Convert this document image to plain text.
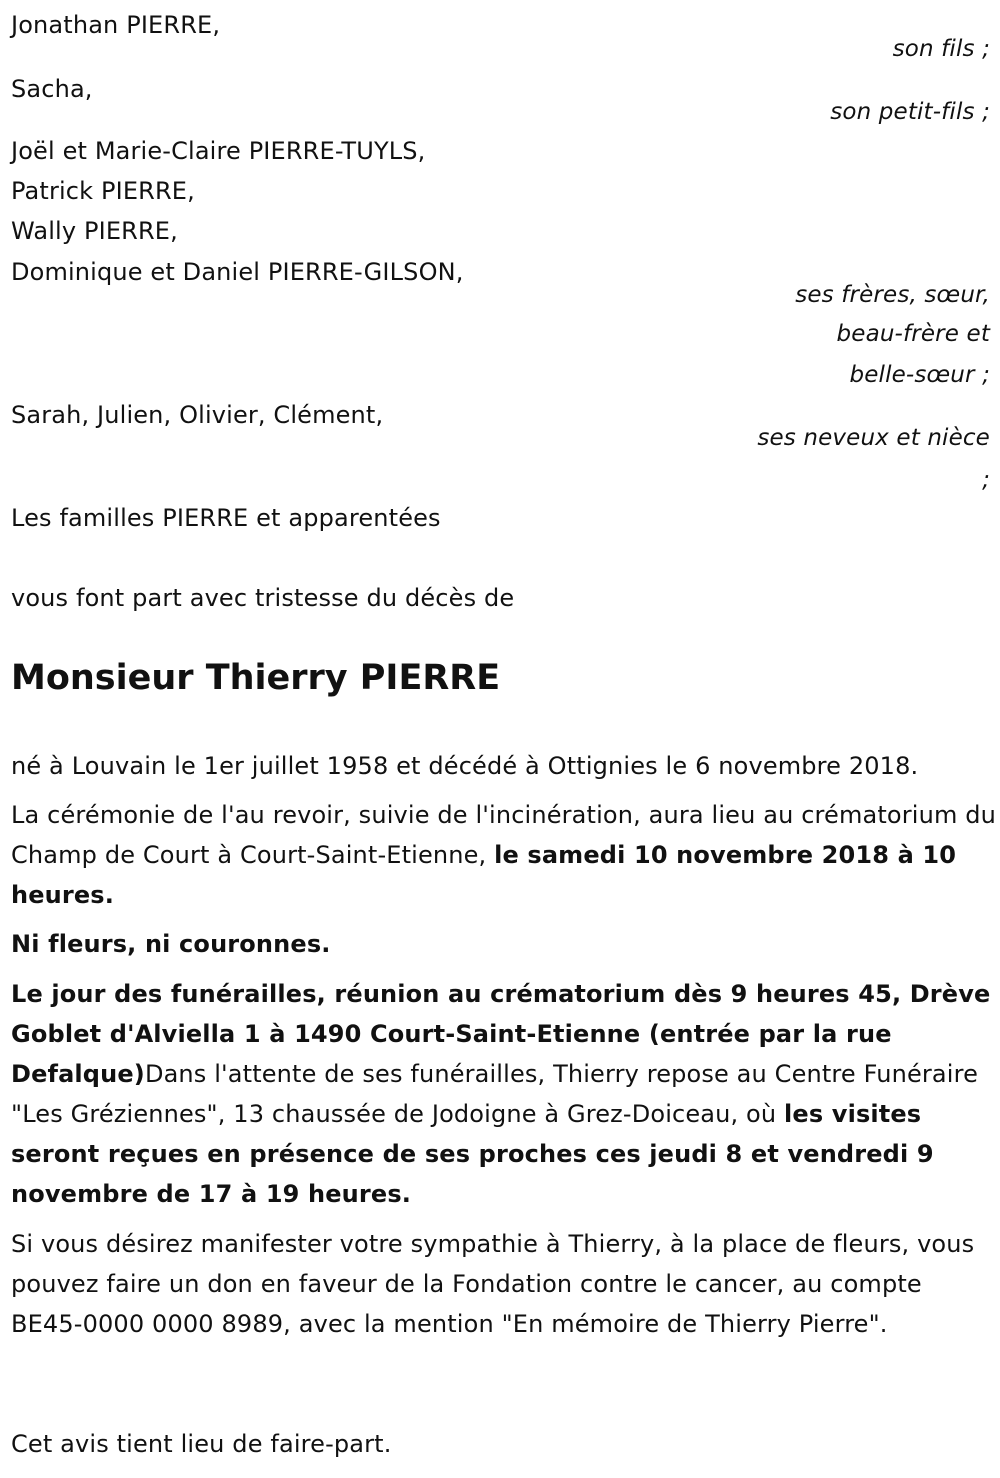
Jonathan PIERRE,
son fils ;
Sacha,
son petit-fils ;
Joël et Marie-Claire PIERRE-TUYLS,
Patrick PIERRE,
Wally PIERRE,
Dominique et Daniel PIERRE-GILSON,
ses frères, sœur,
beau-frère et
belle-sœur ;
Sarah, Julien, Olivier, Clément,
ses neveux et nièce
;
Les familles PIERRE et apparentées
vous font part avec tristesse du décès de
Monsieur Thierry PIERRE
né à Louvain le 1er juillet 1958 et décédé à Ottignies le 6 novembre 2018.
La cérémonie de l'au revoir, suivie de l'incinération, aura lieu au crématorium du Champ de Court à Court-Saint-Etienne, le samedi 10 novembre 2018 à 10 heures.
Ni fleurs, ni couronnes.
Le jour des funérailles, réunion au crématorium dès 9 heures 45, Drève Goblet d'Alviella 1 à 1490 Court-Saint-Etienne (entrée par la rue Defalque)Dans l'attente de ses funérailles, Thierry repose au Centre Funéraire "Les Gréziennes", 13 chaussée de Jodoigne à Grez-Doiceau, où les visites seront reçues en présence de ses proches ces jeudi 8 et vendredi 9 novembre de 17 à 19 heures.
Si vous désirez manifester votre sympathie à Thierry, à la place de fleurs, vous pouvez faire un don en faveur de la Fondation contre le cancer, au compte BE45-0000 0000 8989, avec la mention "En mémoire de Thierry Pierre".
Cet avis tient lieu de faire-part.
